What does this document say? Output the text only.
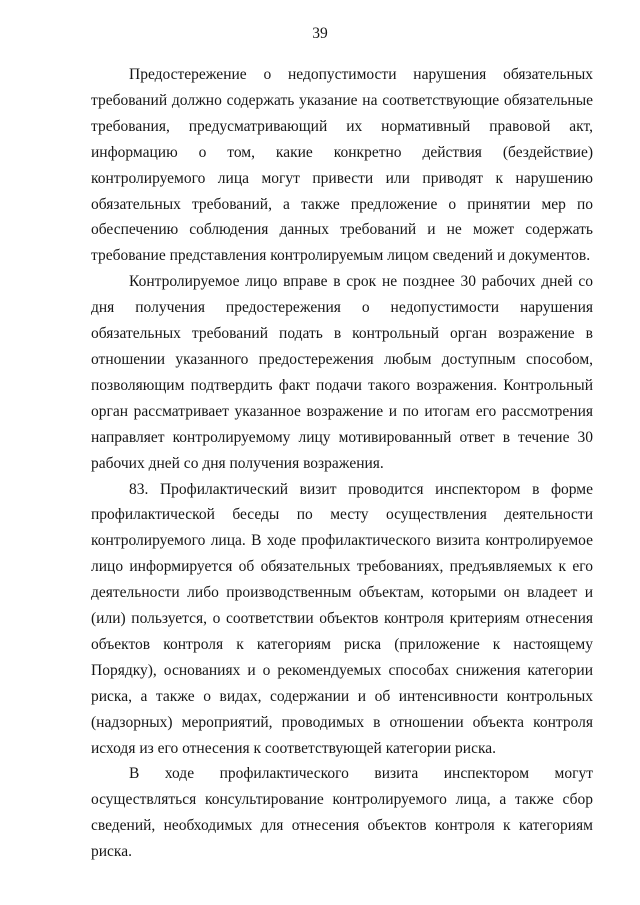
39

Предостережение о недопустимости нарушения обязательных требований должно содержать указание на соответствующие обязательные требования, предусматривающий их нормативный правовой акт, информацию о том, какие конкретно действия (бездействие) контролируемого лица могут привести или приводят к нарушению обязательных требований, а также предложение о принятии мер по обеспечению соблюдения данных требований и не может содержать требование представления контролируемым лицом сведений и документов.

Контролируемое лицо вправе в срок не позднее 30 рабочих дней со дня получения предостережения о недопустимости нарушения обязательных требований подать в контрольный орган возражение в отношении указанного предостережения любым доступным способом, позволяющим подтвердить факт подачи такого возражения. Контрольный орган рассматривает указанное возражение и по итогам его рассмотрения направляет контролируемому лицу мотивированный ответ в течение 30 рабочих дней со дня получения возражения.

83. Профилактический визит проводится инспектором в форме профилактической беседы по месту осуществления деятельности контролируемого лица. В ходе профилактического визита контролируемое лицо информируется об обязательных требованиях, предъявляемых к его деятельности либо производственным объектам, которыми он владеет и (или) пользуется, о соответствии объектов контроля критериям отнесения объектов контроля к категориям риска (приложение к настоящему Порядку), основаниях и о рекомендуемых способах снижения категории риска, а также о видах, содержании и об интенсивности контрольных (надзорных) мероприятий, проводимых в отношении объекта контроля исходя из его отнесения к соответствующей категории риска.

В ходе профилактического визита инспектором могут осуществляться консультирование контролируемого лица, а также сбор сведений, необходимых для отнесения объектов контроля к категориям риска.
